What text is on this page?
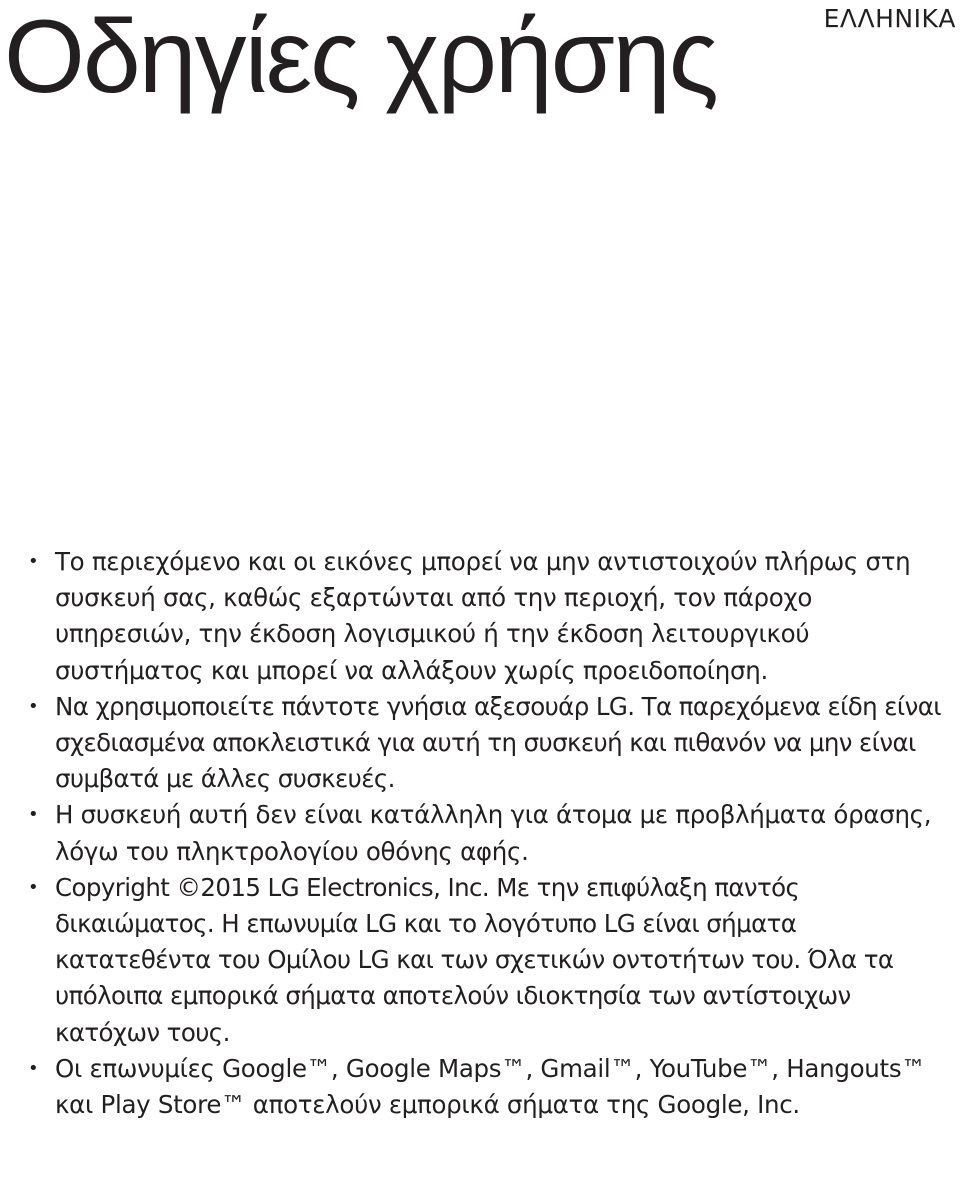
Οδηγίες χρήσης	ΕΛΛΗΝΙΚΑ
• Το περιεχόμενο και οι εικόνες μπορεί να μην αντιστοιχούν πλήρως στη συσκευή σας, καθώς εξαρτώνται από την περιοχή, τον πάροχο υπηρεσιών, την έκδοση λογισμικού ή την έκδοση λειτουργικού συστήματος και μπορεί να αλλάξουν χωρίς προειδοποίηση.
• Να χρησιμοποιείτε πάντοτε γνήσια αξεσουάρ LG. Τα παρεχόμενα είδη είναι σχεδιασμένα αποκλειστικά για αυτή τη συσκευή και πιθανόν να μην είναι συμβατά με άλλες συσκευές.
• Η συσκευή αυτή δεν είναι κατάλληλη για άτομα με προβλήματα όρασης, λόγω του πληκτρολογίου οθόνης αφής.
• Copyright ©2015 LG Electronics, Inc. Με την επιφύλαξη παντός δικαιώματος. Η επωνυμία LG και το λογότυπο LG είναι σήματα κατατεθέντα του Ομίλου LG και των σχετικών οντοτήτων του. Όλα τα υπόλοιπα εμπορικά σήματα αποτελούν ιδιοκτησία των αντίστοιχων κατόχων τους.
• Οι επωνυμίες Google™, Google Maps™, Gmail™, YouTube™, Hangouts™ και Play Store™ αποτελούν εμπορικά σήματα της Google, Inc.
